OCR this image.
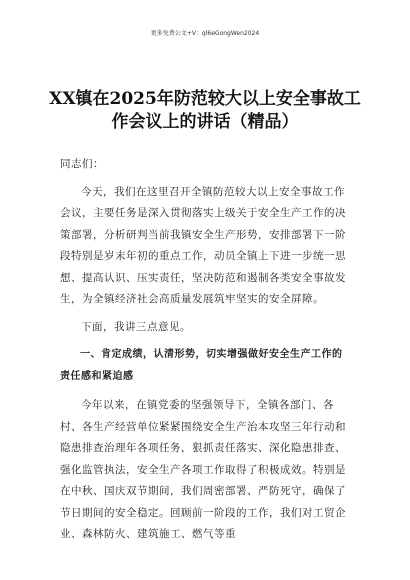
更多免费公文+V：ql6eGongWen2024
XX镇在2025年防范较大以上安全事故工
作会议上的讲话（精品）

同志们：

今天，我们在这里召开全镇防范较大以上安全事故工作会议，主要任务是深入贯彻落实上级关于安全生产工作的决策部署，分析研判当前我镇安全生产形势，安排部署下一阶段特别是岁末年初的重点工作，动员全镇上下进一步统一思想、提高认识、压实责任，坚决防范和遏制各类安全事故发生，为全镇经济社会高质量发展筑牢坚实的安全屏障。

下面，我讲三点意见。

一、肯定成绩，认清形势，切实增强做好安全生产工作的责任感和紧迫感

今年以来，在镇党委的坚强领导下，全镇各部门、各村、各生产经营单位紧紧围绕安全生产治本攻坚三年行动和隐患排查治理年各项任务，狠抓责任落实、深化隐患排查、强化监管执法，安全生产各项工作取得了积极成效。特别是在中秋、国庆双节期间，我们周密部署、严防死守，确保了节日期间的安全稳定。回顾前一阶段的工作，我们对工贸企业、森林防火、建筑施工、燃气等重
